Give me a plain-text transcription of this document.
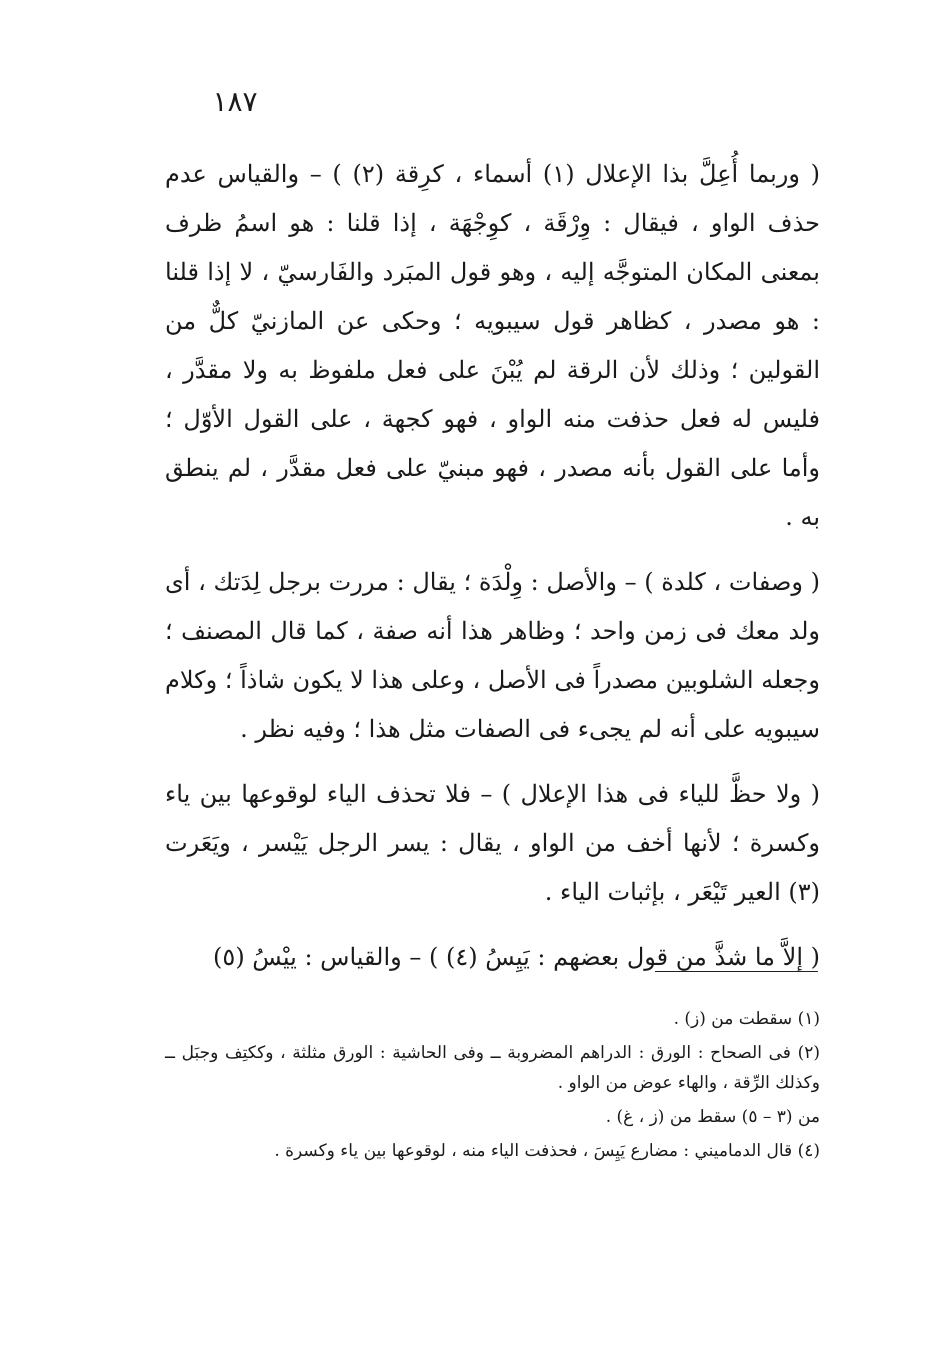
١٨٧

( وربما أُعِلَّ بذا الإعلال (١) أسماء ، كرِقة (٢) ) – والقياس عدم حذف الواو ، فيقال : وِرْقَة ، كوِجْهَة ، إذا قلنا : هو اسمُ ظرف بمعنى المكان المتوجَّه إليه ، وهو قول المبَرد والفَارسيّ ، لا إذا قلنا : هو مصدر ، كظاهر قول سيبويه ؛ وحكى عن المازنيّ كلٌّ من القولين ؛ وذلك لأن الرقة لم يُبْنَ على فعل ملفوظ به ولا مقدَّر ، فليس له فعل حذفت منه الواو ، فهو كجهة ، على القول الأوّل ؛ وأما على القول بأنه مصدر ، فهو مبنيّ على فعل مقدَّر ، لم ينطق به .

( وصفات ، كلدة ) – والأصل : وِلْدَة ؛ يقال : مررت برجل لِدَتك ، أى ولد معك فى زمن واحد ؛ وظاهر هذا أنه صفة ، كما قال المصنف ؛ وجعله الشلوبين مصدراً فى الأصل ، وعلى هذا لا يكون شاذاً ؛ وكلام سيبويه على أنه لم يجىء فى الصفات مثل هذا ؛ وفيه نظر .

( ولا حظَّ للياء فى هذا الإعلال ) – فلا تحذف الياء لوقوعها بين ياء وكسرة ؛ لأنها أخف من الواو ، يقال : يسر الرجل يَيْسر ، ويَعَرت (٣) العير تَيْعَر ، بإثبات الياء .

( إلاَّ ما شذَّ من قول بعضهم : يَيِسُ (٤) ) – والقياس : ييْسُ (٥)

(١) سقطت من (ز) .

(٢) فى الصحاح : الورق : الدراهم المضروبة ــ وفى الحاشية : الورق مثلثة ، وككتِف وجبَل ــ وكذلك الرِّقة ، والهاء عوض من الواو .

من (٣ – ٥) سقط من (ز ، غ) .

(٤) قال الدماميني : مضارع يَيِسَ ، فحذفت الياء منه ، لوقوعها بين ياء وكسرة .
